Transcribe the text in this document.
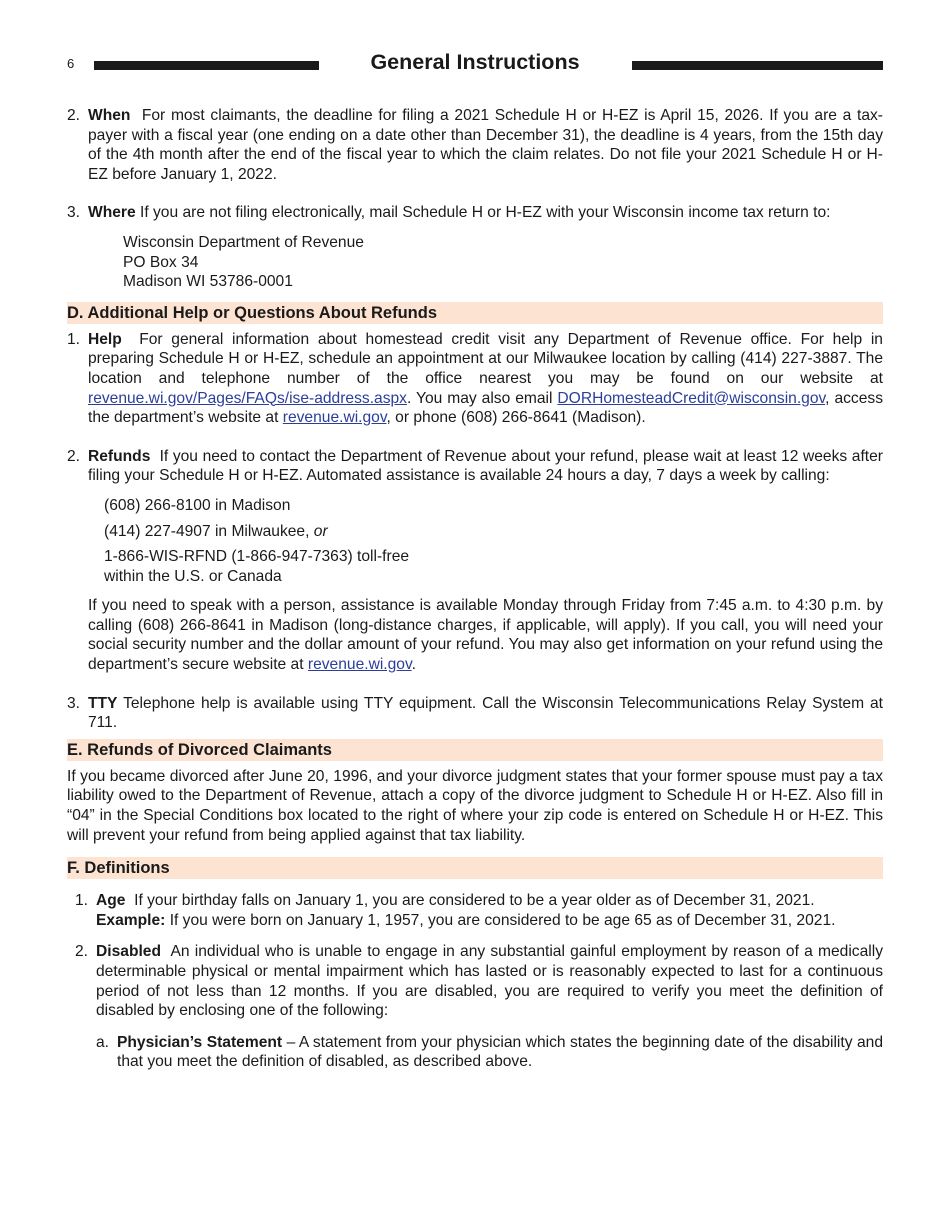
6	General Instructions
2. When For most claimants, the deadline for filing a 2021 Schedule H or H-EZ is April 15, 2026. If you are a tax-payer with a fiscal year (one ending on a date other than December 31), the deadline is 4 years, from the 15th day of the 4th month after the end of the fiscal year to which the claim relates. Do not file your 2021 Schedule H or H-EZ before January 1, 2022.
3. Where If you are not filing electronically, mail Schedule H or H-EZ with your Wisconsin income tax return to:
Wisconsin Department of Revenue
PO Box 34
Madison WI 53786-0001
D. Additional Help or Questions About Refunds
1. Help For general information about homestead credit visit any Department of Revenue office. For help in preparing Schedule H or H-EZ, schedule an appointment at our Milwaukee location by calling (414) 227-3887. The location and telephone number of the office nearest you may be found on our website at revenue.wi.gov/Pages/FAQs/ise-address.aspx. You may also email DORHomesteadCredit@wisconsin.gov, access the department’s website at revenue.wi.gov, or phone (608) 266-8641 (Madison).
2. Refunds If you need to contact the Department of Revenue about your refund, please wait at least 12 weeks after filing your Schedule H or H-EZ. Automated assistance is available 24 hours a day, 7 days a week by calling:
(608) 266-8100 in Madison
(414) 227-4907 in Milwaukee, or
1-866-WIS-RFND (1-866-947-7363) toll-free
within the U.S. or Canada
If you need to speak with a person, assistance is available Monday through Friday from 7:45 a.m. to 4:30 p.m. by calling (608) 266-8641 in Madison (long-distance charges, if applicable, will apply). If you call, you will need your social security number and the dollar amount of your refund. You may also get information on your refund using the department’s secure website at revenue.wi.gov.
3. TTY Telephone help is available using TTY equipment. Call the Wisconsin Telecommunications Relay System at 711.
E. Refunds of Divorced Claimants
If you became divorced after June 20, 1996, and your divorce judgment states that your former spouse must pay a tax liability owed to the Department of Revenue, attach a copy of the divorce judgment to Schedule H or H-EZ. Also fill in “04” in the Special Conditions box located to the right of where your zip code is entered on Schedule H or H-EZ. This will prevent your refund from being applied against that tax liability.
F. Definitions
1. Age If your birthday falls on January 1, you are considered to be a year older as of December 31, 2021.
Example: If you were born on January 1, 1957, you are considered to be age 65 as of December 31, 2021.
2. Disabled An individual who is unable to engage in any substantial gainful employment by reason of a medically determinable physical or mental impairment which has lasted or is reasonably expected to last for a continuous period of not less than 12 months. If you are disabled, you are required to verify you meet the definition of disabled by enclosing one of the following:
a. Physician’s Statement – A statement from your physician which states the beginning date of the disability and that you meet the definition of disabled, as described above.
